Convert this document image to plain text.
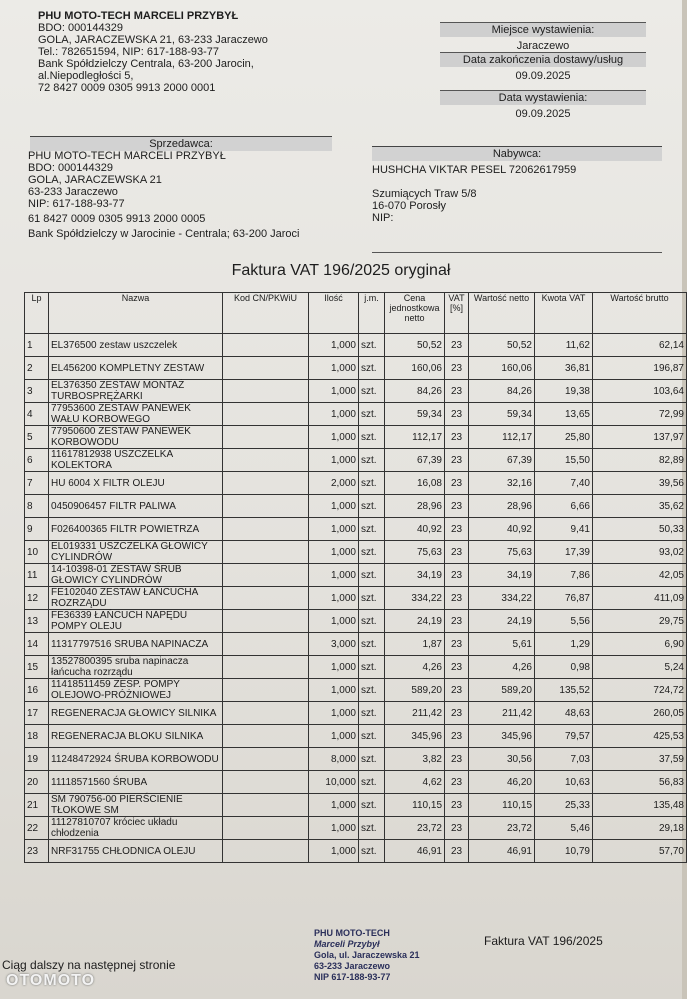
PHU MOTO-TECH MARCELI PRZYBYŁ
BDO: 000144329
GOLA, JARACZEWSKA 21, 63-233 Jaraczewo
Tel.: 782651594, NIP: 617-188-93-77
Bank Spółdzielczy Centrala, 63-200 Jarocin,
al.Niepodległości 5,
72 8427 0009 0305 9913 2000 0001
Miejsce wystawienia:
Jaraczewo
Data zakończenia dostawy/usług
09.09.2025
Data wystawienia:
09.09.2025
Sprzedawca:
PHU MOTO-TECH MARCELI PRZYBYŁ
BDO: 000144329
GOLA, JARACZEWSKA 21
63-233 Jaraczewo
NIP: 617-188-93-77
61 8427 0009 0305 9913 2000 0005
Bank Spółdzielczy w Jarocinie - Centrala; 63-200 Jaroci
Nabywca:
HUSHCHA VIKTAR PESEL 72062617959
Szumiących Traw 5/8
16-070 Porosły
NIP:
Faktura VAT 196/2025 oryginał
Lp	Nazwa	Kod CN/PKWiU	Ilość	j.m.	Cena jednostkowa netto	VAT [%]	Wartość netto	Kwota VAT	Wartość brutto
1	EL376500 zestaw uszczelek		1,000	szt.	50,52	23	50,52	11,62	62,14
2	EL456200 KOMPLETNY ZESTAW		1,000	szt.	160,06	23	160,06	36,81	196,87
3	EL376350 ZESTAW MONTAŻ TURBOSPRĘŻARKI		1,000	szt.	84,26	23	84,26	19,38	103,64
4	77953600 ZESTAW PANEWEK WAŁU KORBOWEGO		1,000	szt.	59,34	23	59,34	13,65	72,99
5	77950600 ZESTAW PANEWEK KORBOWODU		1,000	szt.	112,17	23	112,17	25,80	137,97
6	11617812938 USZCZELKA KOLEKTORA		1,000	szt.	67,39	23	67,39	15,50	82,89
7	HU 6004 X FILTR OLEJU		2,000	szt.	16,08	23	32,16	7,40	39,56
8	0450906457 FILTR PALIWA		1,000	szt.	28,96	23	28,96	6,66	35,62
9	F026400365 FILTR POWIETRZA		1,000	szt.	40,92	23	40,92	9,41	50,33
10	EL019331 USZCZELKA GŁOWICY CYLINDRÓW		1,000	szt.	75,63	23	75,63	17,39	93,02
11	14-10398-01 ZESTAW ŚRUB GŁOWICY CYLINDRÓW		1,000	szt.	34,19	23	34,19	7,86	42,05
12	FE102040 ZESTAW ŁAŃCUCHA ROZRZĄDU		1,000	szt.	334,22	23	334,22	76,87	411,09
13	FE36339 ŁAŃCUCH NAPĘDU POMPY OLEJU		1,000	szt.	24,19	23	24,19	5,56	29,75
14	11317797516 SRUBA NAPINACZA		3,000	szt.	1,87	23	5,61	1,29	6,90
15	13527800395 sruba napinacza łańcucha rozrządu		1,000	szt.	4,26	23	4,26	0,98	5,24
16	11418511459 ZESP. POMPY OLEJOWO-PRÓŻNIOWEJ		1,000	szt.	589,20	23	589,20	135,52	724,72
17	REGENERACJA GŁOWICY SILNIKA		1,000	szt.	211,42	23	211,42	48,63	260,05
18	REGENERACJA BLOKU SILNIKA		1,000	szt.	345,96	23	345,96	79,57	425,53
19	11248472924 ŚRUBA KORBOWODU		8,000	szt.	3,82	23	30,56	7,03	37,59
20	11118571560 ŚRUBA		10,000	szt.	4,62	23	46,20	10,63	56,83
21	SM 790756-00 PIERŚCIENIE TŁOKOWE SM		1,000	szt.	110,15	23	110,15	25,33	135,48
22	11127810707 króciec układu chłodzenia		1,000	szt.	23,72	23	23,72	5,46	29,18
23	NRF31755 CHŁODNICA OLEJU		1,000	szt.	46,91	23	46,91	10,79	57,70
Ciąg dalszy na następnej stronie
Faktura VAT 196/2025
PHU MOTO-TECH
Marceli Przybył
Gola, ul. Jaraczewska 21
63-233 Jaraczewo
NIP 617-188-93-77
OTOMOTO
